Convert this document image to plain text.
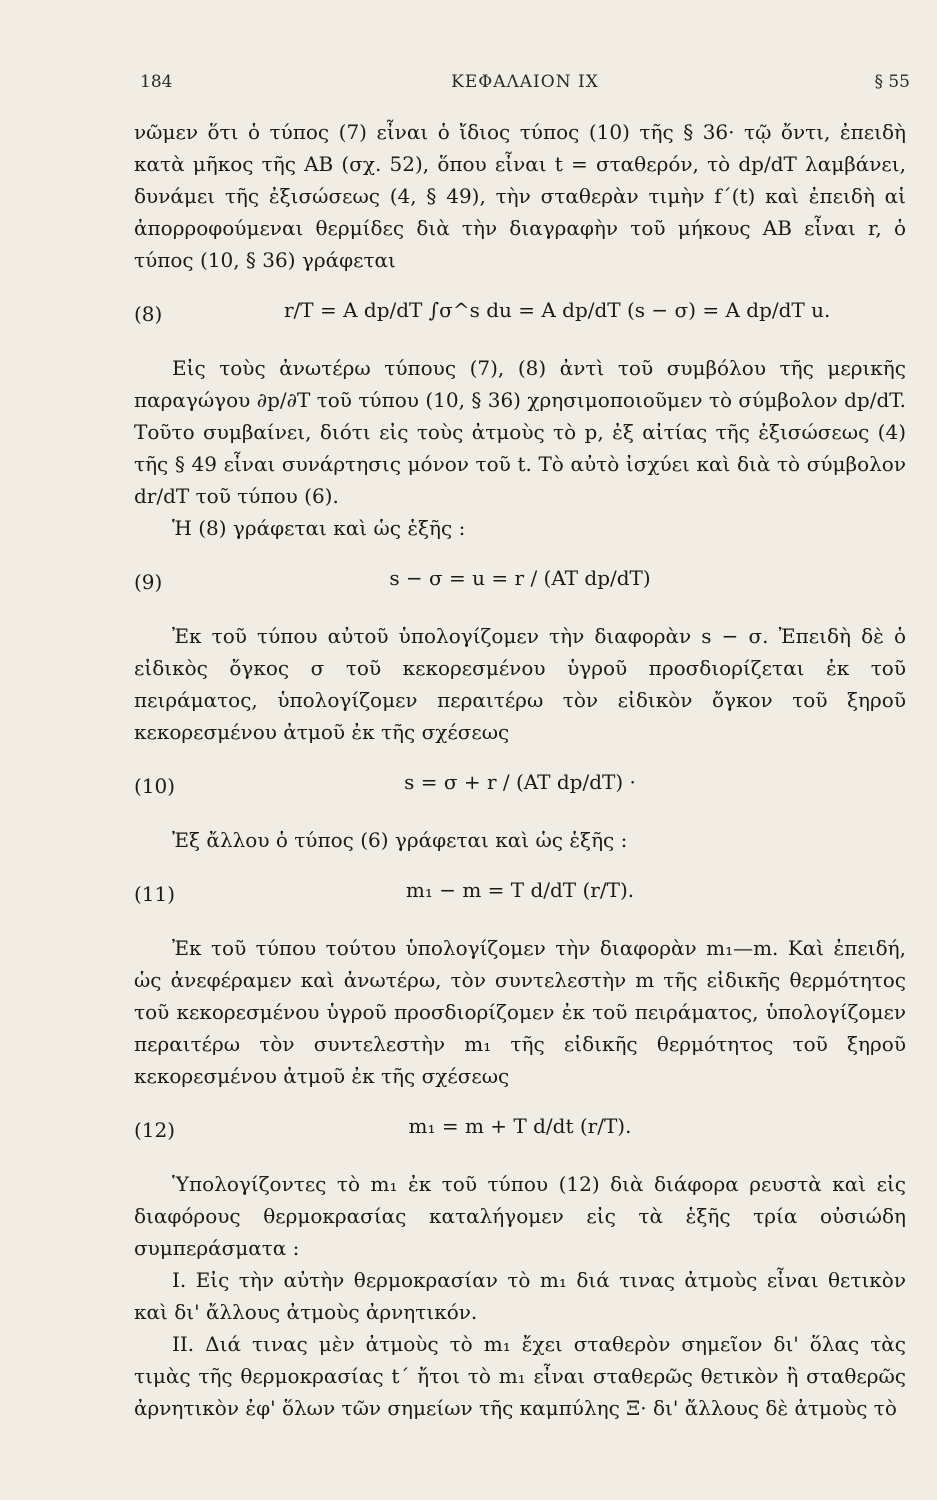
184	ΚΕΦΑΛΑΙΟΝ IX	§ 55

νῶμεν ὅτι ὁ τύπος (7) εἶναι ὁ ἴδιος τύπος (10) τῆς § 36· τῷ ὄντι, ἐπειδὴ κατὰ μῆκος τῆς ΑΒ (σχ. 52), ὅπου εἶναι t = σταθερόν, τὸ dp/dT λαμβάνει, δυνάμει τῆς ἐξισώσεως (4, § 49), τὴν σταθερὰν τιμὴν f΄(t) καὶ ἐπειδὴ αἱ ἀπορροφούμεναι θερμίδες διὰ τὴν διαγραφὴν τοῦ μήκους ΑΒ εἶναι r, ὁ τύπος (10, § 36) γράφεται

(8)	r/T = A dp/dT ∫σ^s du = A dp/dT (s − σ) = A dp/dT u.

Εἰς τοὺς ἀνωτέρω τύπους (7), (8) ἀντὶ τοῦ συμβόλου τῆς μερικῆς παραγώγου ∂p/∂T τοῦ τύπου (10, § 36) χρησιμοποιοῦμεν τὸ σύμβολον dp/dT. Τοῦτο συμβαίνει, διότι εἰς τοὺς ἀτμοὺς τὸ p, ἐξ αἰτίας τῆς ἐξισώσεως (4) τῆς § 49 εἶναι συνάρτησις μόνον τοῦ t. Τὸ αὐτὸ ἰσχύει καὶ διὰ τὸ σύμβολον dr/dT τοῦ τύπου (6).

Ἡ (8) γράφεται καὶ ὡς ἑξῆς :

(9)	s − σ = u = r / (AT dp/dT)

Ἐκ τοῦ τύπου αὐτοῦ ὑπολογίζομεν τὴν διαφορὰν s − σ. Ἐπειδὴ δὲ ὁ εἰδικὸς ὄγκος σ τοῦ κεκορεσμένου ὑγροῦ προσδιορίζεται ἐκ τοῦ πειράματος, ὑπολογίζομεν περαιτέρω τὸν εἰδικὸν ὄγκον τοῦ ξηροῦ κεκορεσμένου ἀτμοῦ ἐκ τῆς σχέσεως

(10)	s = σ + r / (AT dp/dT) ·

Ἐξ ἄλλου ὁ τύπος (6) γράφεται καὶ ὡς ἑξῆς :

(11)	m₁ − m = T d/dT (r/T).

Ἐκ τοῦ τύπου τούτου ὑπολογίζομεν τὴν διαφορὰν m₁—m. Καὶ ἐπειδή, ὡς ἀνεφέραμεν καὶ ἀνωτέρω, τὸν συντελεστὴν m τῆς εἰδικῆς θερμότητος τοῦ κεκορεσμένου ὑγροῦ προσδιορίζομεν ἐκ τοῦ πειράματος, ὑπολογίζομεν περαιτέρω τὸν συντελεστὴν m₁ τῆς εἰδικῆς θερμότητος τοῦ ξηροῦ κεκορεσμένου ἀτμοῦ ἐκ τῆς σχέσεως

(12)	m₁ = m + T d/dt (r/T).

Ὑπολογίζοντες τὸ m₁ ἐκ τοῦ τύπου (12) διὰ διάφορα ρευστὰ καὶ εἰς διαφόρους θερμοκρασίας καταλήγομεν εἰς τὰ ἑξῆς τρία οὐσιώδη συμπεράσματα :

I. Εἰς τὴν αὐτὴν θερμοκρασίαν τὸ m₁ διά τινας ἀτμοὺς εἶναι θετικὸν καὶ δι' ἄλλους ἀτμοὺς ἀρνητικόν.

II. Διά τινας μὲν ἀτμοὺς τὸ m₁ ἔχει σταθερὸν σημεῖον δι' ὅλας τὰς τιμὰς τῆς θερμοκρασίας t΄ ἤτοι τὸ m₁ εἶναι σταθερῶς θετικὸν ἢ σταθερῶς ἀρνητικὸν ἐφ' ὅλων τῶν σημείων τῆς καμπύλης Ξ· δι' ἄλλους δὲ ἀτμοὺς τὸ
